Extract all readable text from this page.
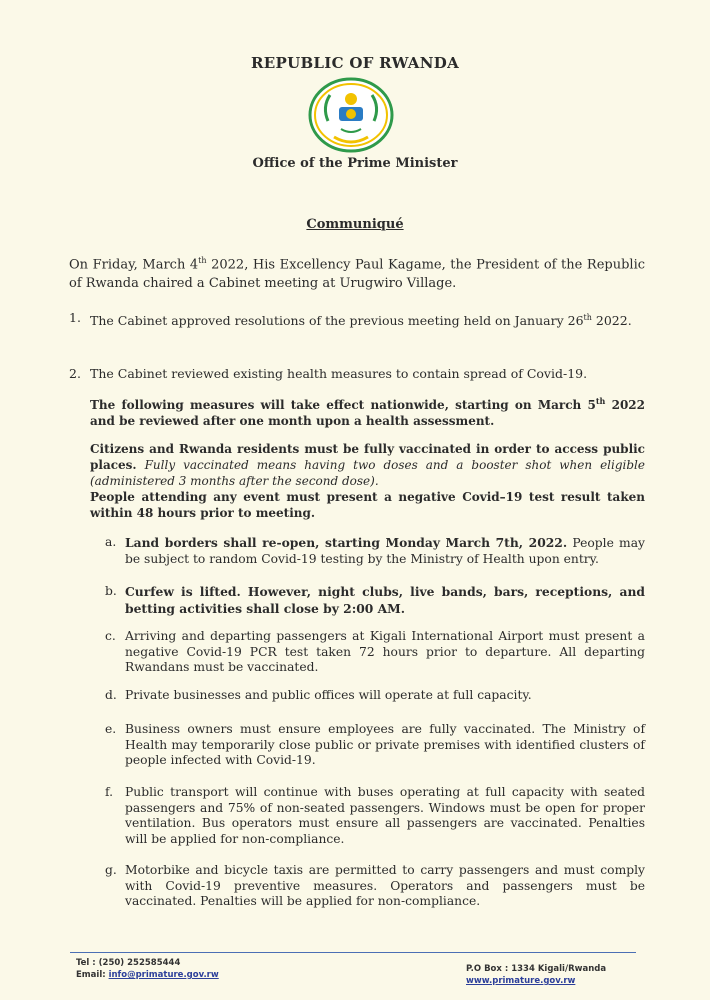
REPUBLIC OF RWANDA
Office of the Prime Minister
Communiqué
On Friday, March 4th 2022, His Excellency Paul Kagame, the President of the Republic of Rwanda chaired a Cabinet meeting at Urugwiro Village.
1. The Cabinet approved resolutions of the previous meeting held on January 26th 2022.
2. The Cabinet reviewed existing health measures to contain spread of Covid-19.
The following measures will take effect nationwide, starting on March 5th 2022 and be reviewed after one month upon a health assessment.
Citizens and Rwanda residents must be fully vaccinated in order to access public places. Fully vaccinated means having two doses and a booster shot when eligible (administered 3 months after the second dose).
People attending any event must present a negative Covid–19 test result taken within 48 hours prior to meeting.
a. Land borders shall re-open, starting Monday March 7th, 2022. People may be subject to random Covid-19 testing by the Ministry of Health upon entry.
b. Curfew is lifted. However, night clubs, live bands, bars, receptions, and betting activities shall close by 2:00 AM.
c. Arriving and departing passengers at Kigali International Airport must present a negative Covid-19 PCR test taken 72 hours prior to departure. All departing Rwandans must be vaccinated.
d. Private businesses and public offices will operate at full capacity.
e. Business owners must ensure employees are fully vaccinated. The Ministry of Health may temporarily close public or private premises with identified clusters of people infected with Covid-19.
f. Public transport will continue with buses operating at full capacity with seated passengers and 75% of non-seated passengers. Windows must be open for proper ventilation. Bus operators must ensure all passengers are vaccinated. Penalties will be applied for non-compliance.
g. Motorbike and bicycle taxis are permitted to carry passengers and must comply with Covid-19 preventive measures. Operators and passengers must be vaccinated. Penalties will be applied for non-compliance.
Tel : (250) 252585444
Email: info@primature.gov.rw
P.O Box : 1334 Kigali/Rwanda
www.primature.gov.rw
